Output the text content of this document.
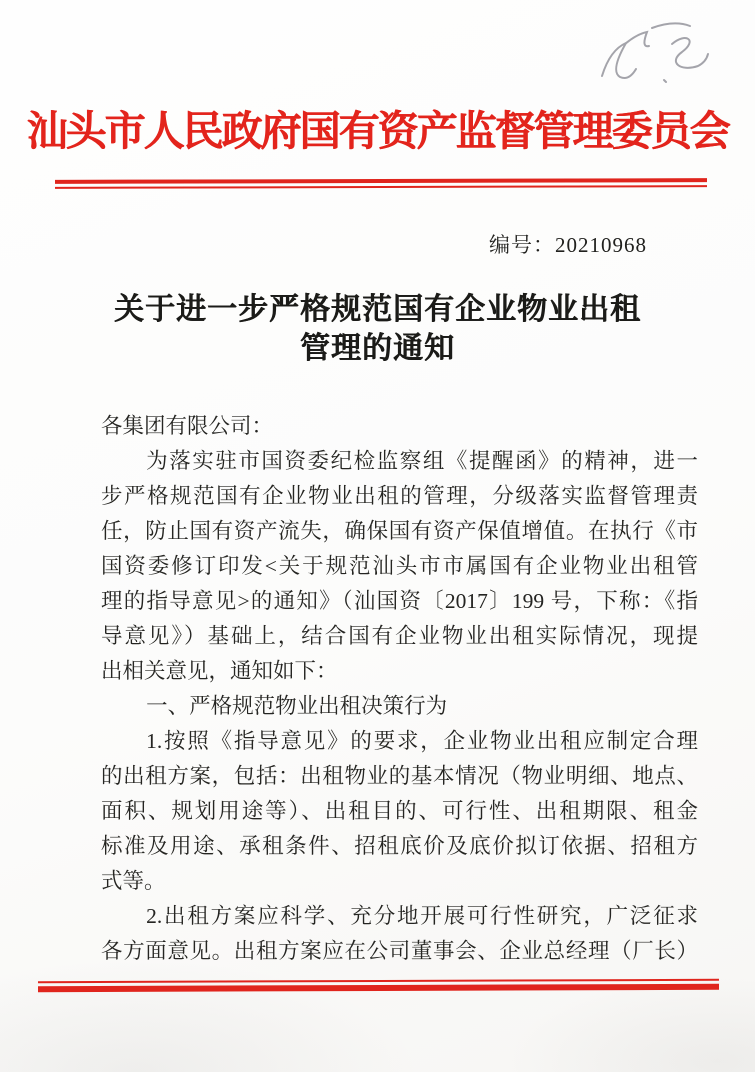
汕头市人民政府国有资产监督管理委员会
编号：20210968
关于进一步严格规范国有企业物业出租
管理的通知
各集团有限公司：
为落实驻市国资委纪检监察组《提醒函》的精神，进一
步严格规范国有企业物业出租的管理，分级落实监督管理责
任，防止国有资产流失，确保国有资产保值增值。在执行《市
国资委修订印发<关于规范汕头市市属国有企业物业出租管
理的指导意见>的通知》（汕国资〔2017〕199 号，下称：《指
导意见》）基础上，结合国有企业物业出租实际情况，现提
出相关意见，通知如下：
一、严格规范物业出租决策行为
1.按照《指导意见》的要求，企业物业出租应制定合理
的出租方案，包括：出租物业的基本情况（物业明细、地点、
面积、规划用途等）、出租目的、可行性、出租期限、租金
标准及用途、承租条件、招租底价及底价拟订依据、招租方
式等。
2.出租方案应科学、充分地开展可行性研究，广泛征求
各方面意见。出租方案应在公司董事会、企业总经理（厂长）
